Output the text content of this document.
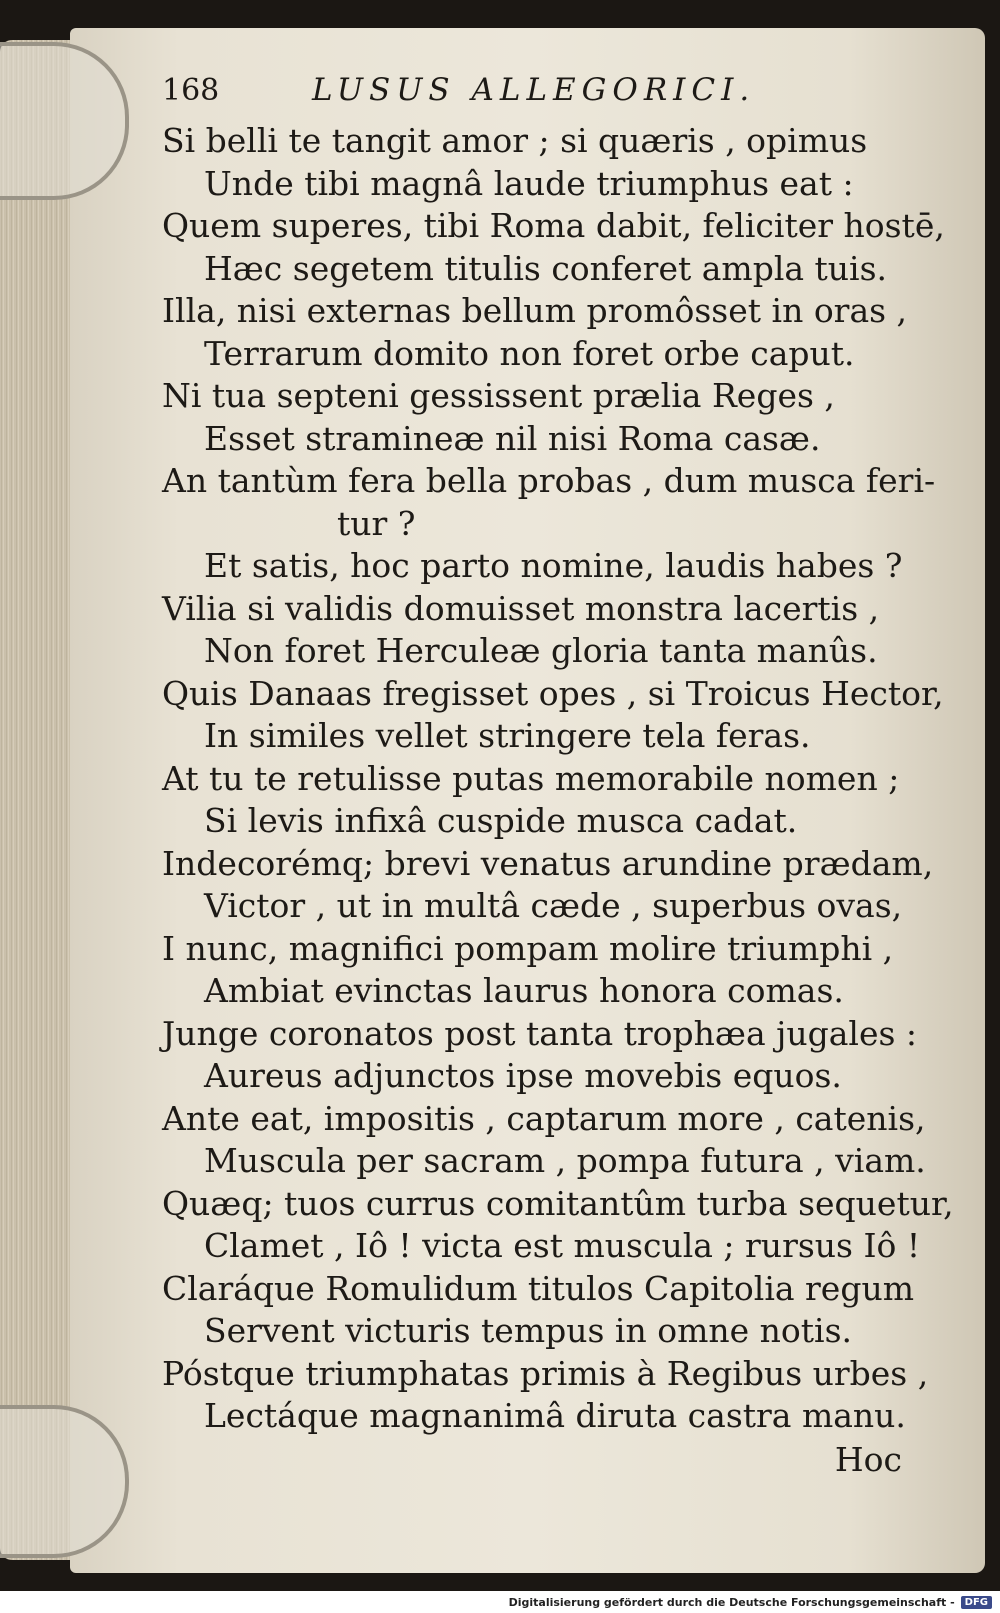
168	LUSUS ALLEGORICI.
Si belli te tangit amor ; si quæris , opimus
Unde tibi magnâ laude triumphus eat :
Quem superes, tibi Roma dabit, feliciter hostē,
Hæc segetem titulis conferet ampla tuis.
Illa, nisi externas bellum promôsset in oras ,
Terrarum domito non foret orbe caput.
Ni tua septeni gessissent prælia Reges ,
Esset stramineæ nil nisi Roma casæ.
An tantùm fera bella probas , dum musca feri-
tur ?
Et satis, hoc parto nomine, laudis habes ?
Vilia si validis domuisset monstra lacertis ,
Non foret Herculeæ gloria tanta manûs.
Quis Danaas fregisset opes , si Troicus Hector,
In similes vellet stringere tela feras.
At tu te retulisse putas memorabile nomen ;
Si levis infixâ cuspide musca cadat.
Indecorémq; brevi venatus arundine prædam,
Victor , ut in multâ cæde , superbus ovas,
I nunc, magnifici pompam molire triumphi ,
Ambiat evinctas laurus honora comas.
Junge coronatos post tanta trophæa jugales :
Aureus adjunctos ipse movebis equos.
Ante eat, impositis , captarum more , catenis,
Muscula per sacram , pompa futura , viam.
Quæq; tuos currus comitantûm turba sequetur,
Clamet , Iô ! victa est muscula ; rursus Iô !
Claráque Romulidum titulos Capitolia regum
Servent victuris tempus in omne notis.
Póstque triumphatas primis à Regibus urbes ,
Lectáque magnanimâ diruta castra manu.
Hoc
Digitalisierung gefördert durch die Deutsche Forschungsgemeinschaft -	DFG
